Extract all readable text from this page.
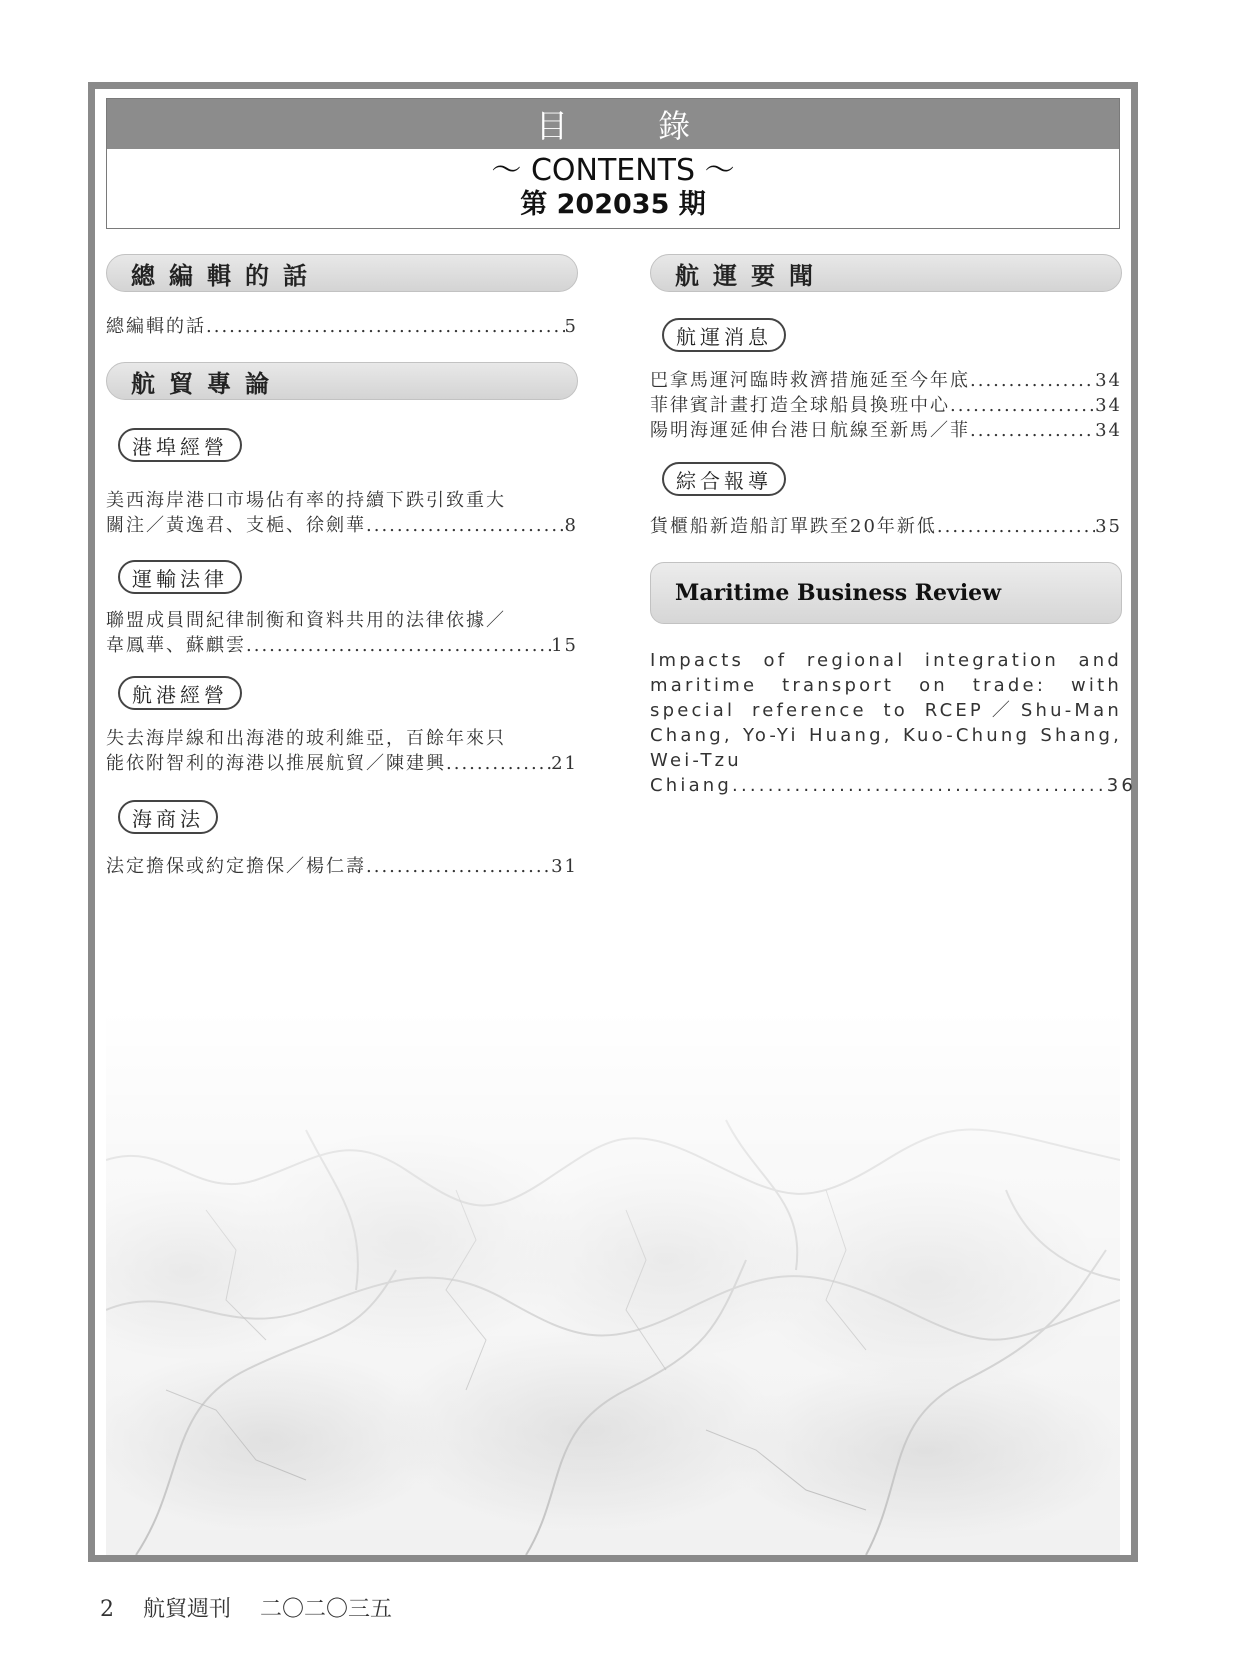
目 錄
～ CONTENTS ～
第 202035 期
總編輯的話
總編輯的話 .....	5
航貿專論
港埠經營
美西海岸港口市場佔有率的持續下跌引致重大
關注／黃逸君、支梔、徐劍華 .....	8
運輸法律
聯盟成員間紀律制衡和資料共用的法律依據／
韋鳳華、蘇麒雲 .....	15
航港經營
失去海岸線和出海港的玻利維亞，百餘年來只
能依附智利的海港以推展航貿／陳建興 .....	21
海商法
法定擔保或約定擔保／楊仁壽 .....	31
航運要聞
航運消息
巴拿馬運河臨時救濟措施延至今年底 .....	34
菲律賓計畫打造全球船員換班中心 .....	34
陽明海運延伸台港日航線至新馬／菲 .....	34
綜合報導
貨櫃船新造船訂單跌至20年新低 .....	35
Maritime Business Review
Impacts of regional integration and maritime transport on trade: with special reference to RCEP／Shu-Man Chang, Yo-Yi Huang, Kuo-Chung Shang, Wei-Tzu Chiang..........................................36
2 航貿週刊 二〇二〇三五
